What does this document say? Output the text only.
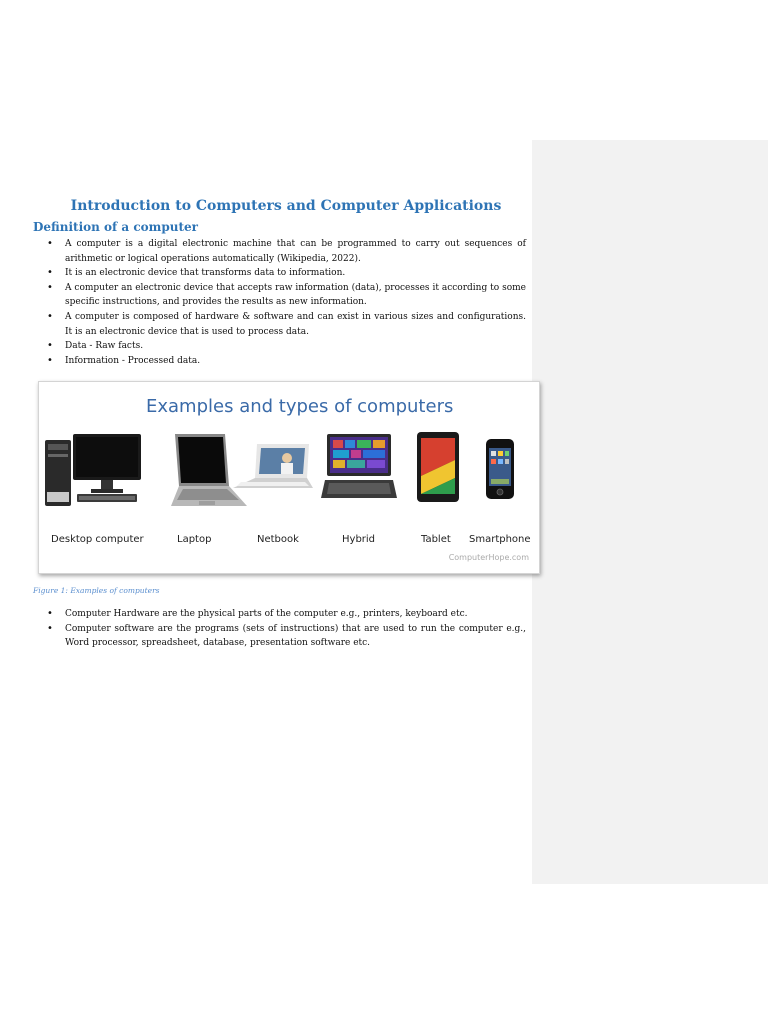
Introduction to Computers and Computer Applications
Definition of a computer
• A computer is a digital electronic machine that can be programmed to carry out sequences of arithmetic or logical operations automatically (Wikipedia, 2022).
• It is an electronic device that transforms data to information.
• A computer an electronic device that accepts raw information (data), processes it according to some specific instructions, and provides the results as new information.
• A computer is composed of hardware & software and can exist in various sizes and configurations. It is an electronic device that is used to process data.
• Data - Raw facts.
• Information - Processed data.
Examples and types of computers
Desktop computer	Laptop	Netbook	Hybrid	Tablet Smartphone
ComputerHope.com

Figure 1: Examples of computers

• Computer Hardware are the physical parts of the computer e.g., printers, keyboard etc.
• Computer software are the programs (sets of instructions) that are used to run the computer e.g., Word processor, spreadsheet, database, presentation software etc.
